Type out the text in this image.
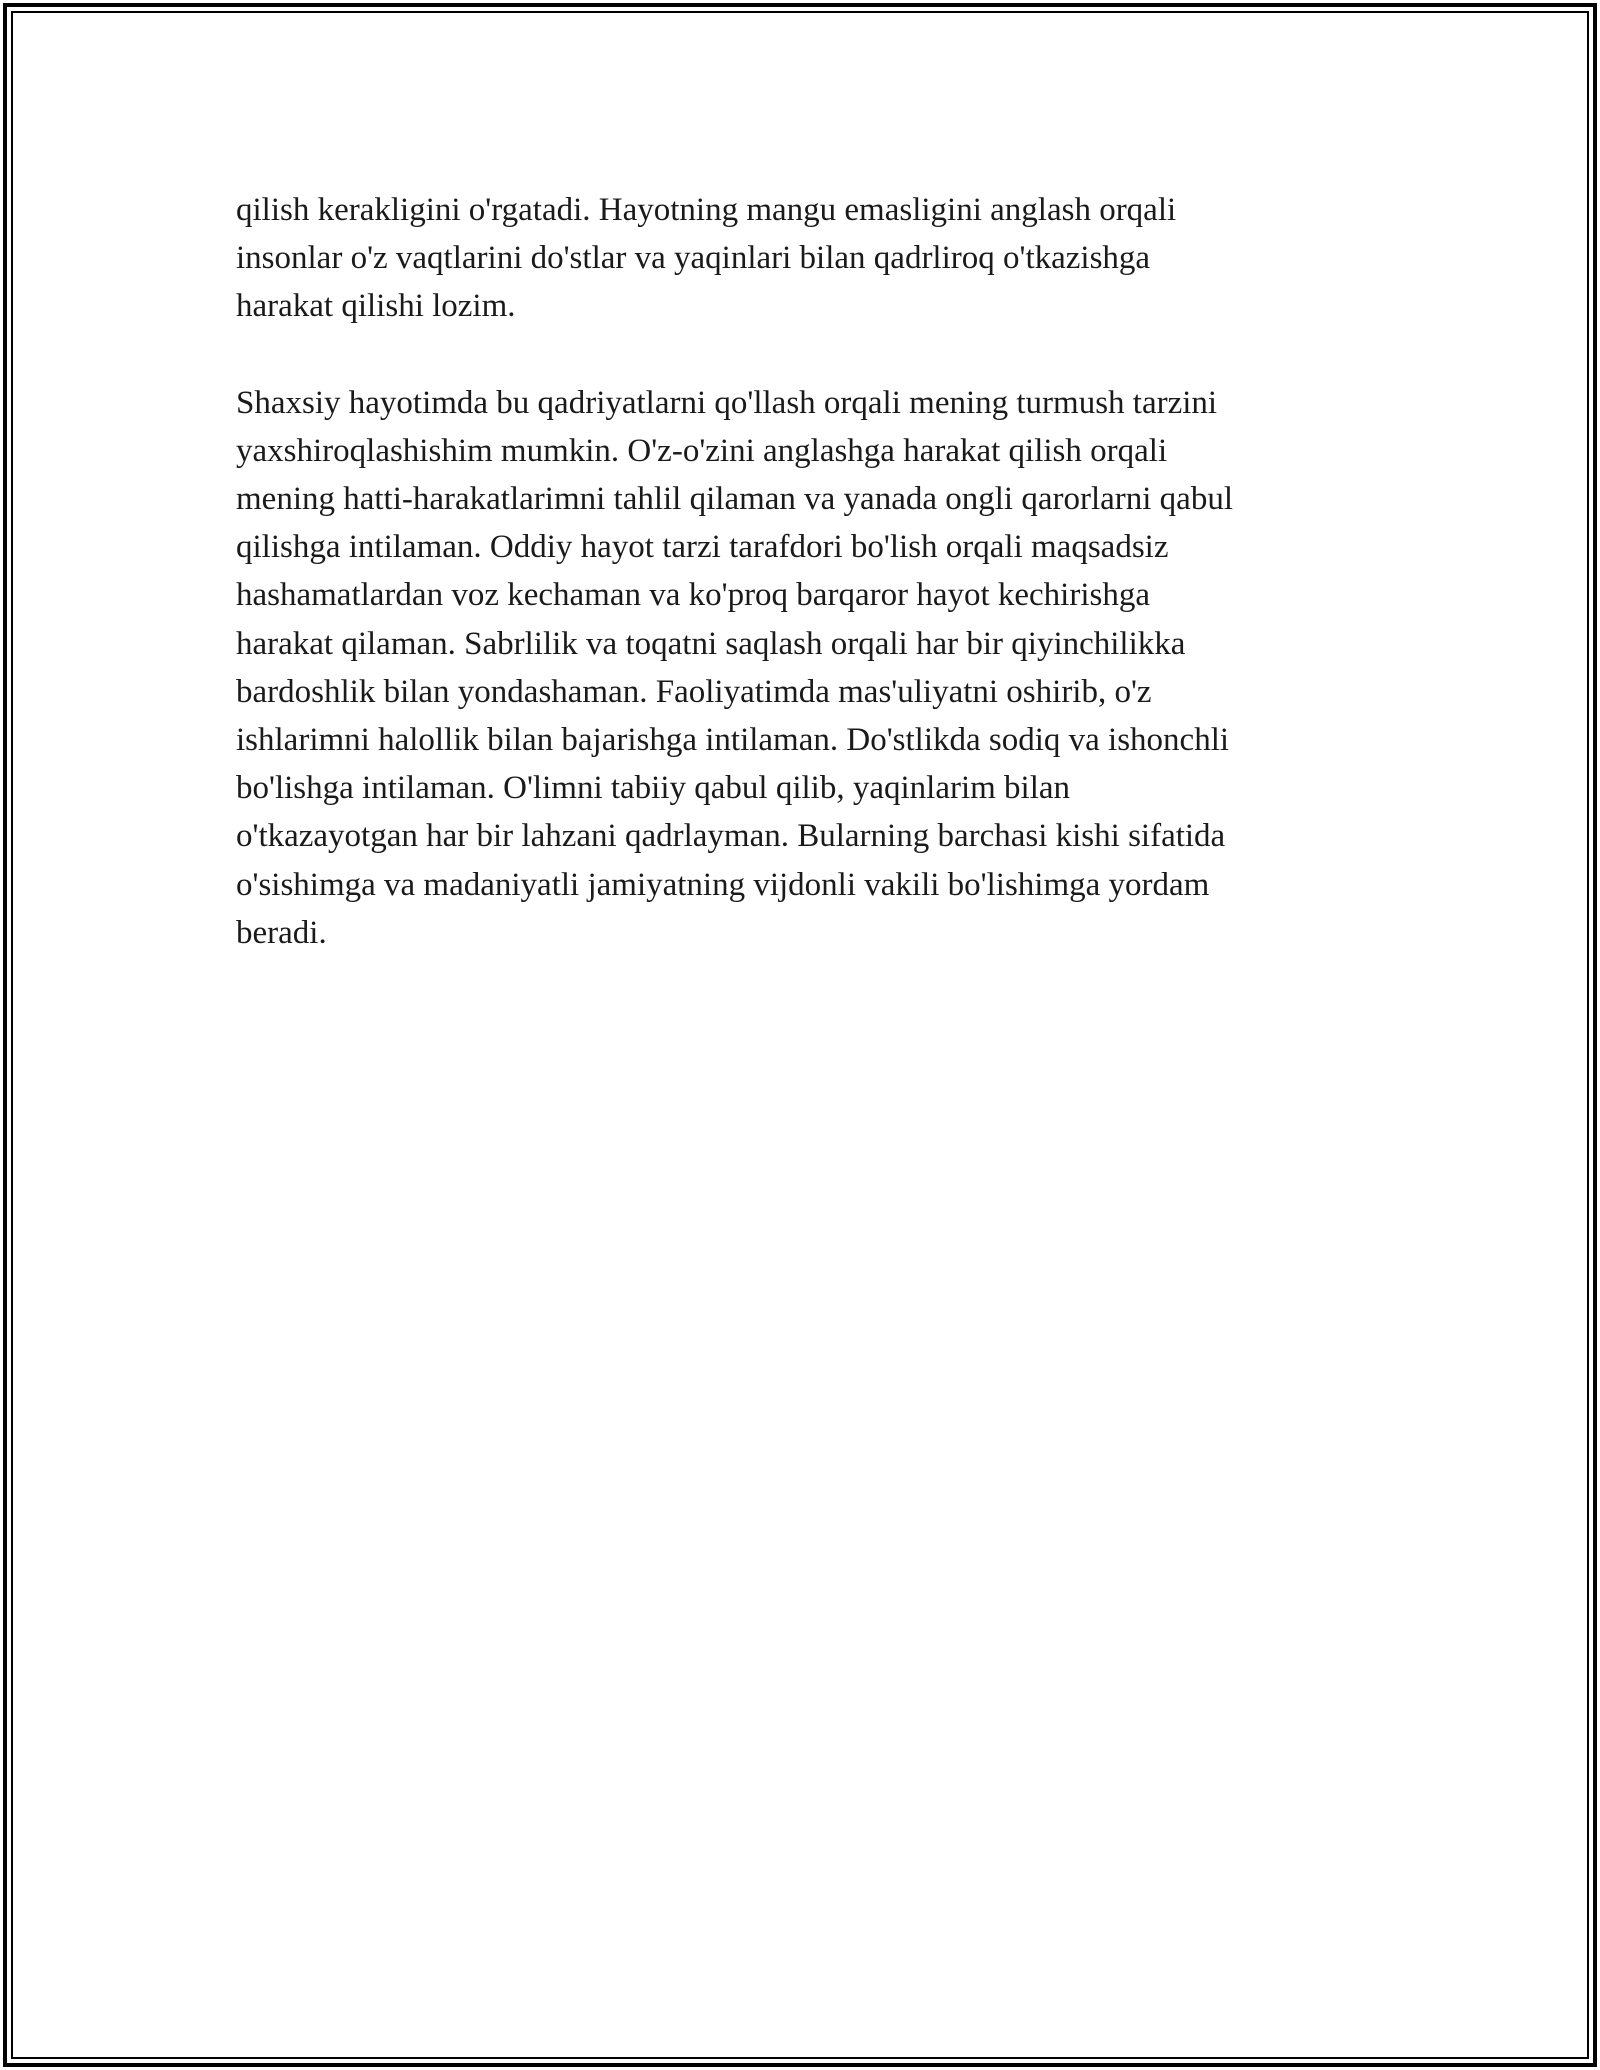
qilish kerakligini o'rgatadi. Hayotning mangu emasligini anglash orqali
insonlar o'z vaqtlarini do'stlar va yaqinlari bilan qadrliroq o'tkazishga
harakat qilishi lozim.

Shaxsiy hayotimda bu qadriyatlarni qo'llash orqali mening turmush tarzini
yaxshiroqlashishim mumkin. O'z-o'zini anglashga harakat qilish orqali
mening hatti-harakatlarimni tahlil qilaman va yanada ongli qarorlarni qabul
qilishga intilaman. Oddiy hayot tarzi tarafdori bo'lish orqali maqsadsiz
hashamatlardan voz kechaman va ko'proq barqaror hayot kechirishga
harakat qilaman. Sabrlilik va toqatni saqlash orqali har bir qiyinchilikka
bardoshlik bilan yondashaman. Faoliyatimda mas'uliyatni oshirib, o'z
ishlarimni halollik bilan bajarishga intilaman. Do'stlikda sodiq va ishonchli
bo'lishga intilaman. O'limni tabiiy qabul qilib, yaqinlarim bilan
o'tkazayotgan har bir lahzani qadrlayman. Bularning barchasi kishi sifatida
o'sishimga va madaniyatli jamiyatning vijdonli vakili bo'lishimga yordam
beradi.
